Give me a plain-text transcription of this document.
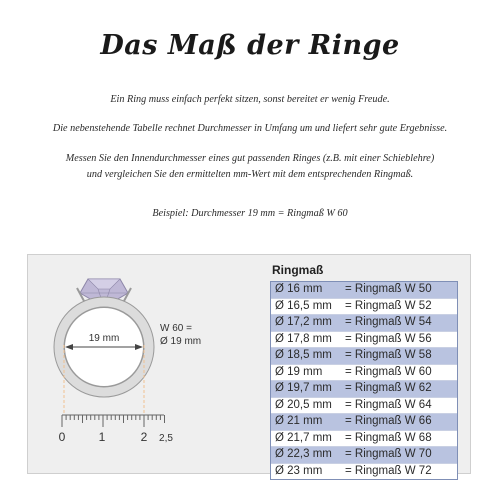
Das Maß der Ringe
Ein Ring muss einfach perfekt sitzen, sonst bereitet er wenig Freude.
Die nebenstehende Tabelle rechnet Durchmesser in Umfang um und liefert sehr gute Ergebnisse.
Messen Sie den Innendurchmesser eines gut passenden Ringes (z.B. mit einer Schieblehre)
und vergleichen Sie den ermittelten mm-Wert mit dem entsprechenden Ringmaß.
Beispiel: Durchmesser 19 mm = Ringmaß W 60
19 mm
W 60 =
Ø 19 mm
0	1	2 2,5
Ringmaß
Ø 16 mm = Ringmaß W 50
Ø 16,5 mm = Ringmaß W 52
Ø 17,2 mm = Ringmaß W 54
Ø 17,8 mm = Ringmaß W 56
Ø 18,5 mm = Ringmaß W 58
Ø 19 mm = Ringmaß W 60
Ø 19,7 mm = Ringmaß W 62
Ø 20,5 mm = Ringmaß W 64
Ø 21 mm = Ringmaß W 66
Ø 21,7 mm = Ringmaß W 68
Ø 22,3 mm = Ringmaß W 70
Ø 23 mm = Ringmaß W 72
